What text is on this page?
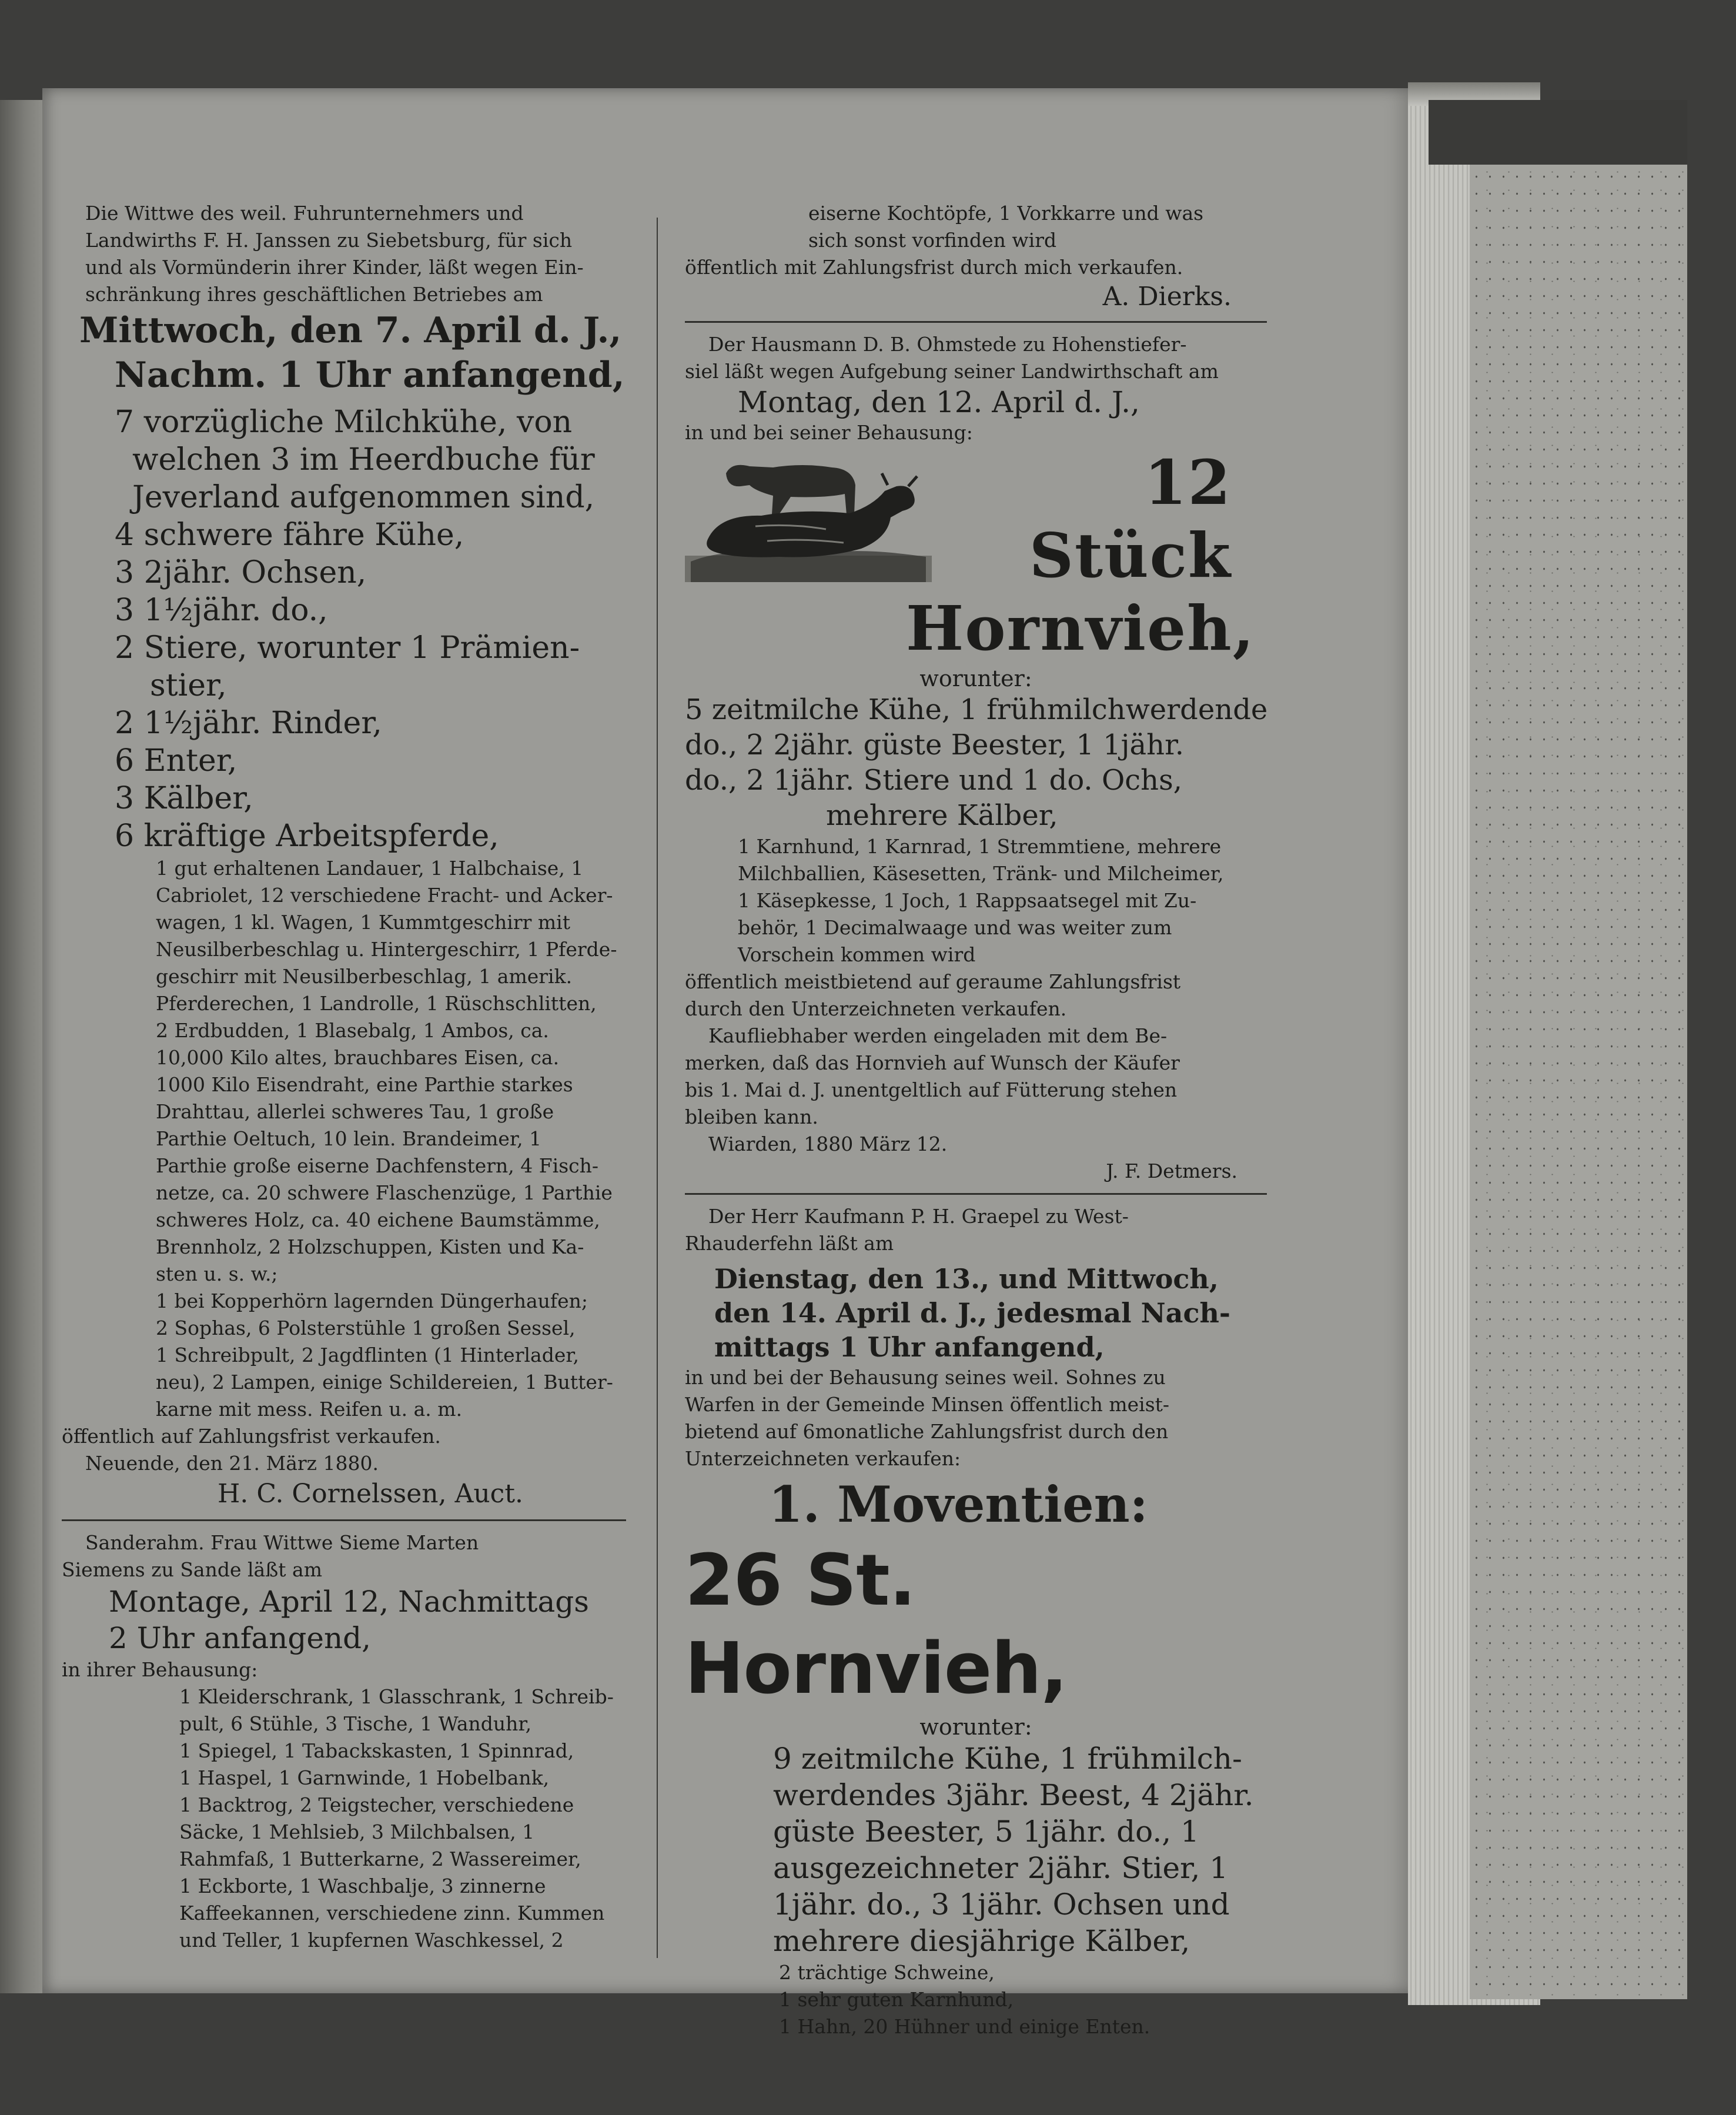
Die Wittwe des weil. Fuhrunternehmers und
Landwirths F. H. Janssen zu Siebetsburg, für sich
und als Vormünderin ihrer Kinder, läßt wegen Ein-
schränkung ihres geschäftlichen Betriebes am
Mittwoch, den 7. April d. J.,
Nachm. 1 Uhr anfangend,
7 vorzügliche Milchkühe, von
welchen 3 im Heerdbuche für
Jeverland aufgenommen sind,
4 schwere fähre Kühe,
3 2jähr. Ochsen,
3 1½jähr. do.,
2 Stiere, worunter 1 Prämien-
stier,
2 1½jähr. Rinder,
6 Enter,
3 Kälber,
6 kräftige Arbeitspferde,
1 gut erhaltenen Landauer, 1 Halbchaise, 1
Cabriolet, 12 verschiedene Fracht- und Acker-
wagen, 1 kl. Wagen, 1 Kummtgeschirr mit
Neusilberbeschlag u. Hintergeschirr, 1 Pferde-
geschirr mit Neusilberbeschlag, 1 amerik.
Pferderechen, 1 Landrolle, 1 Rüschschlitten,
2 Erdbudden, 1 Blasebalg, 1 Ambos, ca.
10,000 Kilo altes, brauchbares Eisen, ca.
1000 Kilo Eisendraht, eine Parthie starkes
Drahttau, allerlei schweres Tau, 1 große
Parthie Oeltuch, 10 lein. Brandeimer, 1
Parthie große eiserne Dachfenstern, 4 Fisch-
netze, ca. 20 schwere Flaschenzüge, 1 Parthie
schweres Holz, ca. 40 eichene Baumstämme,
Brennholz, 2 Holzschuppen, Kisten und Ka-
sten u. s. w.;
1 bei Kopperhörn lagernden Düngerhaufen;
2 Sophas, 6 Polsterstühle 1 großen Sessel,
1 Schreibpult, 2 Jagdflinten (1 Hinterlader,
neu), 2 Lampen, einige Schildereien, 1 Butter-
karne mit mess. Reifen u. a. m.
öffentlich auf Zahlungsfrist verkaufen.
Neuende, den 21. März 1880.
H. C. Cornelssen, Auct.
Sanderahm. Frau Wittwe Sieme Marten
Siemens zu Sande läßt am
Montage, April 12, Nachmittags
2 Uhr anfangend,
in ihrer Behausung:
1 Kleiderschrank, 1 Glasschrank, 1 Schreib-
pult, 6 Stühle, 3 Tische, 1 Wanduhr,
1 Spiegel, 1 Tabackskasten, 1 Spinnrad,
1 Haspel, 1 Garnwinde, 1 Hobelbank,
1 Backtrog, 2 Teigstecher, verschiedene
Säcke, 1 Mehlsieb, 3 Milchbalsen, 1
Rahmfaß, 1 Butterkarne, 2 Wassereimer,
1 Eckborte, 1 Waschbalje, 3 zinnerne
Kaffeekannen, verschiedene zinn. Kummen
und Teller, 1 kupfernen Waschkessel, 2
eiserne Kochtöpfe, 1 Vorkkarre und was
sich sonst vorfinden wird
öffentlich mit Zahlungsfrist durch mich verkaufen.
A. Dierks.
Der Hausmann D. B. Ohmstede zu Hohenstiefer-
siel läßt wegen Aufgebung seiner Landwirthschaft am
Montag, den 12. April d. J.,
in und bei seiner Behausung:
12 Stück
Hornvieh,
worunter:
5 zeitmilche Kühe, 1 frühmilchwerdende
do., 2 2jähr. güste Beester, 1 1jähr.
do., 2 1jähr. Stiere und 1 do. Ochs,
mehrere Kälber,
1 Karnhund, 1 Karnrad, 1 Stremmtiene, mehrere
Milchballien, Käsesetten, Tränk- und Milcheimer,
1 Käsepkesse, 1 Joch, 1 Rappsaatsegel mit Zu-
behör, 1 Decimalwaage und was weiter zum
Vorschein kommen wird
öffentlich meistbietend auf geraume Zahlungsfrist
durch den Unterzeichneten verkaufen.
Kaufliebhaber werden eingeladen mit dem Be-
merken, daß das Hornvieh auf Wunsch der Käufer
bis 1. Mai d. J. unentgeltlich auf Fütterung stehen
bleiben kann.
Wiarden, 1880 März 12.
J. F. Detmers.
Der Herr Kaufmann P. H. Graepel zu West-
Rhauderfehn läßt am
Dienstag, den 13., und Mittwoch,
den 14. April d. J., jedesmal Nach-
mittags 1 Uhr anfangend,
in und bei der Behausung seines weil. Sohnes zu
Warfen in der Gemeinde Minsen öffentlich meist-
bietend auf 6monatliche Zahlungsfrist durch den
Unterzeichneten verkaufen:
1. Moventien:
26 St. Hornvieh,
worunter:
9 zeitmilche Kühe, 1 frühmilch-
werdendes 3jähr. Beest, 4 2jähr.
güste Beester, 5 1jähr. do., 1
ausgezeichneter 2jähr. Stier, 1
1jähr. do., 3 1jähr. Ochsen und
mehrere diesjährige Kälber,
2 trächtige Schweine,
1 sehr guten Karnhund,
1 Hahn, 20 Hühner und einige Enten.
